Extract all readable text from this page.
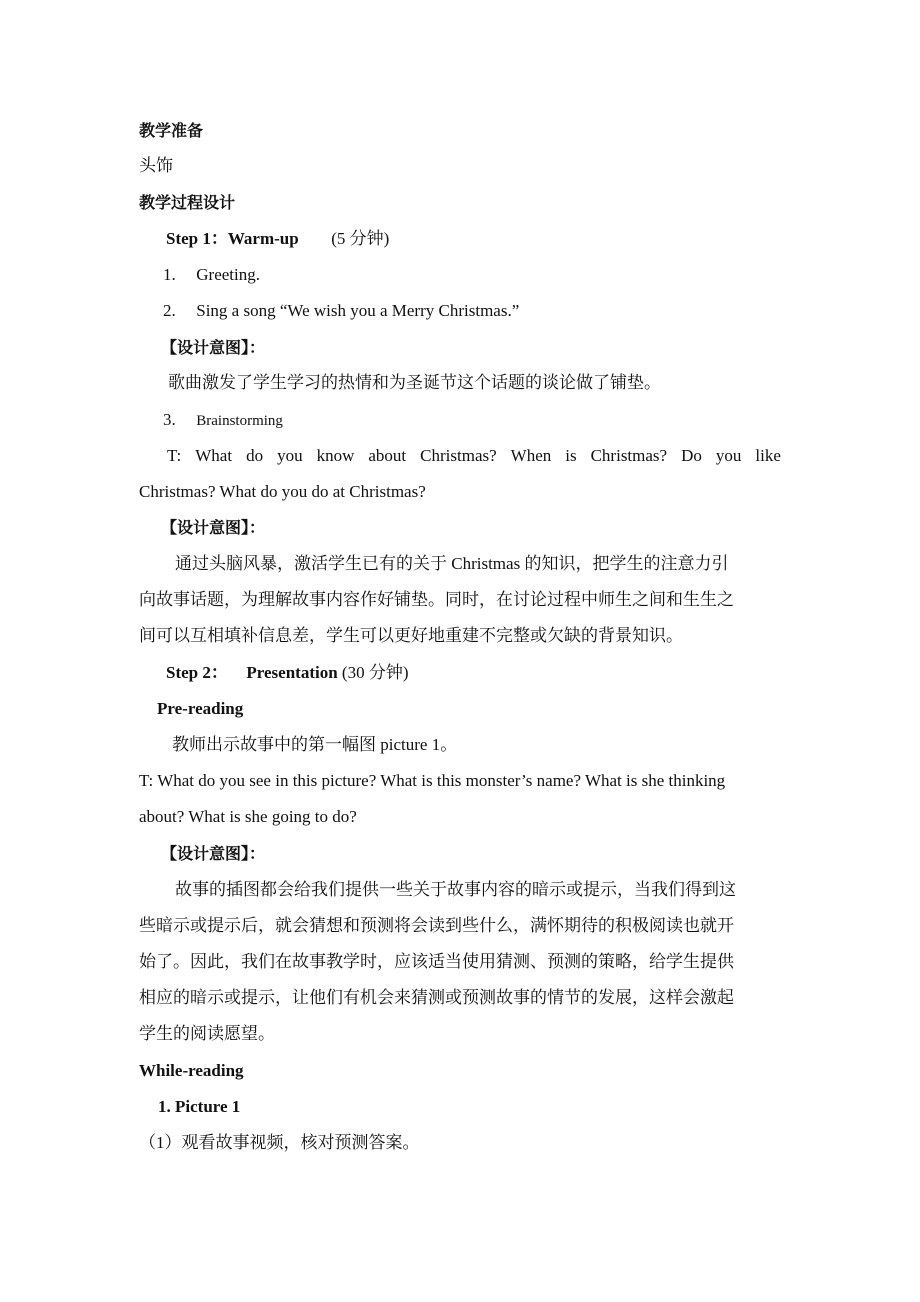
教学准备
头饰
教学过程设计
Step 1：Warm-up (5 分钟)
1. Greeting.
2. Sing a song “We wish you a Merry Christmas.”
【设计意图】：
歌曲激发了学生学习的热情和为圣诞节这个话题的谈论做了铺垫。
3. Brainstorming
T: What do you know about Christmas? When is Christmas? Do you like
Christmas? What do you do at Christmas?
【设计意图】：
通过头脑风暴，激活学生已有的关于 Christmas 的知识，把学生的注意力引
向故事话题，为理解故事内容作好铺垫。同时，在讨论过程中师生之间和生生之
间可以互相填补信息差，学生可以更好地重建不完整或欠缺的背景知识。
Step 2： Presentation (30 分钟)
Pre-reading
教师出示故事中的第一幅图 picture 1。
T: What do you see in this picture? What is this monster’s name? What is she thinking
about? What is she going to do?
【设计意图】：
故事的插图都会给我们提供一些关于故事内容的暗示或提示，当我们得到这
些暗示或提示后，就会猜想和预测将会读到些什么，满怀期待的积极阅读也就开
始了。因此，我们在故事教学时，应该适当使用猜测、预测的策略，给学生提供
相应的暗示或提示，让他们有机会来猜测或预测故事的情节的发展，这样会激起
学生的阅读愿望。
While-reading
1. Picture 1
（1）观看故事视频，核对预测答案。
